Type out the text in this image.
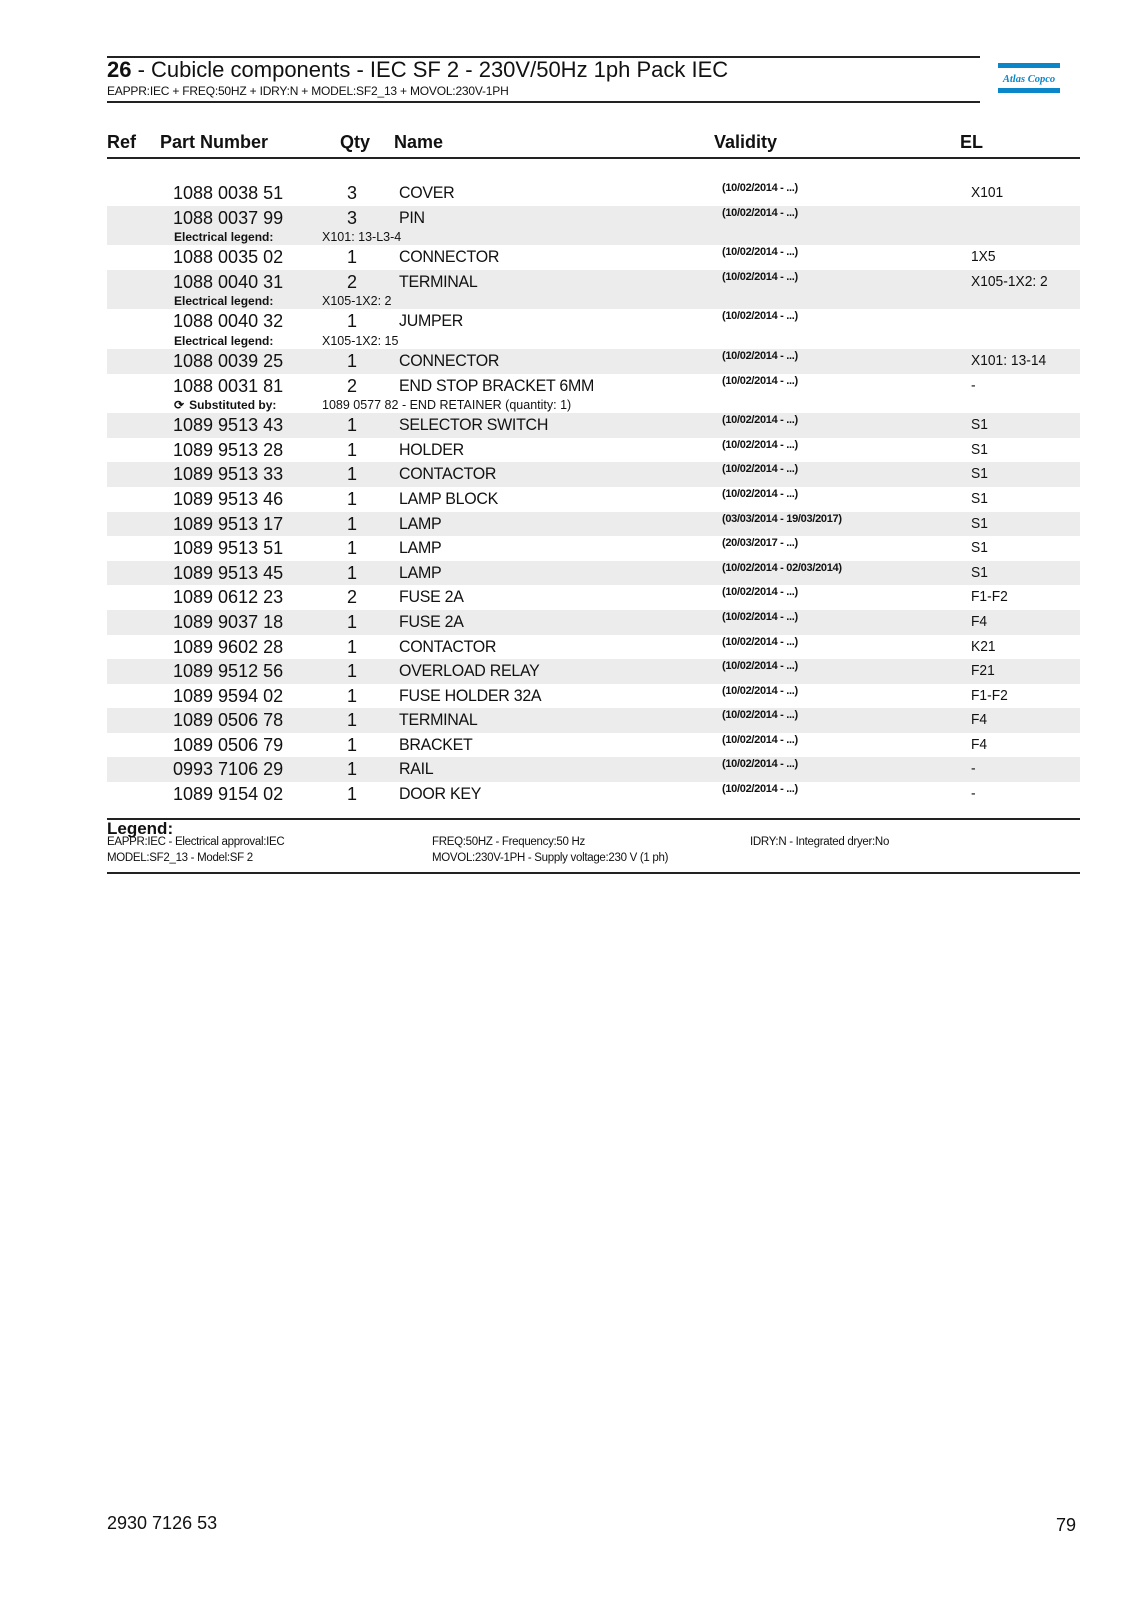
26 - Cubicle components - IEC SF 2 - 230V/50Hz 1ph Pack IEC
EAPPR:IEC + FREQ:50HZ + IDRY:N + MODEL:SF2_13 + MOVOL:230V-1PH
Atlas Copco
Ref Part Number	Qty Name	Validity	EL
1088 0038 51	3 COVER	(10/02/2014 - ...)	X101
1088 0037 99	3 PIN	(10/02/2014 - ...)
Electrical legend:	X101: 13-L3-4
1088 0035 02	1 CONNECTOR	(10/02/2014 - ...)	1X5
1088 0040 31	2 TERMINAL	(10/02/2014 - ...)	X105-1X2: 2
Electrical legend:	X105-1X2: 2
1088 0040 32	1 JUMPER	(10/02/2014 - ...)
Electrical legend:	X105-1X2: 15
1088 0039 25	1 CONNECTOR	(10/02/2014 - ...)	X101: 13-14
1088 0031 81	2 END STOP BRACKET 6MM	(10/02/2014 - ...)	-
⟳ Substituted by:	1089 0577 82 - END RETAINER (quantity: 1)
1089 9513 43	1 SELECTOR SWITCH	(10/02/2014 - ...)	S1
1089 9513 28	1 HOLDER	(10/02/2014 - ...)	S1
1089 9513 33	1 CONTACTOR	(10/02/2014 - ...)	S1
1089 9513 46	1 LAMP BLOCK	(10/02/2014 - ...)	S1
1089 9513 17	1 LAMP	(03/03/2014 - 19/03/2017)	S1
1089 9513 51	1 LAMP	(20/03/2017 - ...)	S1
1089 9513 45	1 LAMP	(10/02/2014 - 02/03/2014)	S1
1089 0612 23	2 FUSE 2A	(10/02/2014 - ...)	F1-F2
1089 9037 18	1 FUSE 2A	(10/02/2014 - ...)	F4
1089 9602 28	1 CONTACTOR	(10/02/2014 - ...)	K21
1089 9512 56	1 OVERLOAD RELAY	(10/02/2014 - ...)	F21
1089 9594 02	1 FUSE HOLDER 32A	(10/02/2014 - ...)	F1-F2
1089 0506 78	1 TERMINAL	(10/02/2014 - ...)	F4
1089 0506 79	1 BRACKET	(10/02/2014 - ...)	F4
0993 7106 29	1 RAIL	(10/02/2014 - ...)	-
1089 9154 02	1 DOOR KEY	(10/02/2014 - ...)	-
Legend:
EAPPR:IEC - Electrical approval:IEC	FREQ:50HZ - Frequency:50 Hz	IDRY:N - Integrated dryer:No
MODEL:SF2_13 - Model:SF 2	MOVOL:230V-1PH - Supply voltage:230 V (1 ph)
2930 7126 53	79
